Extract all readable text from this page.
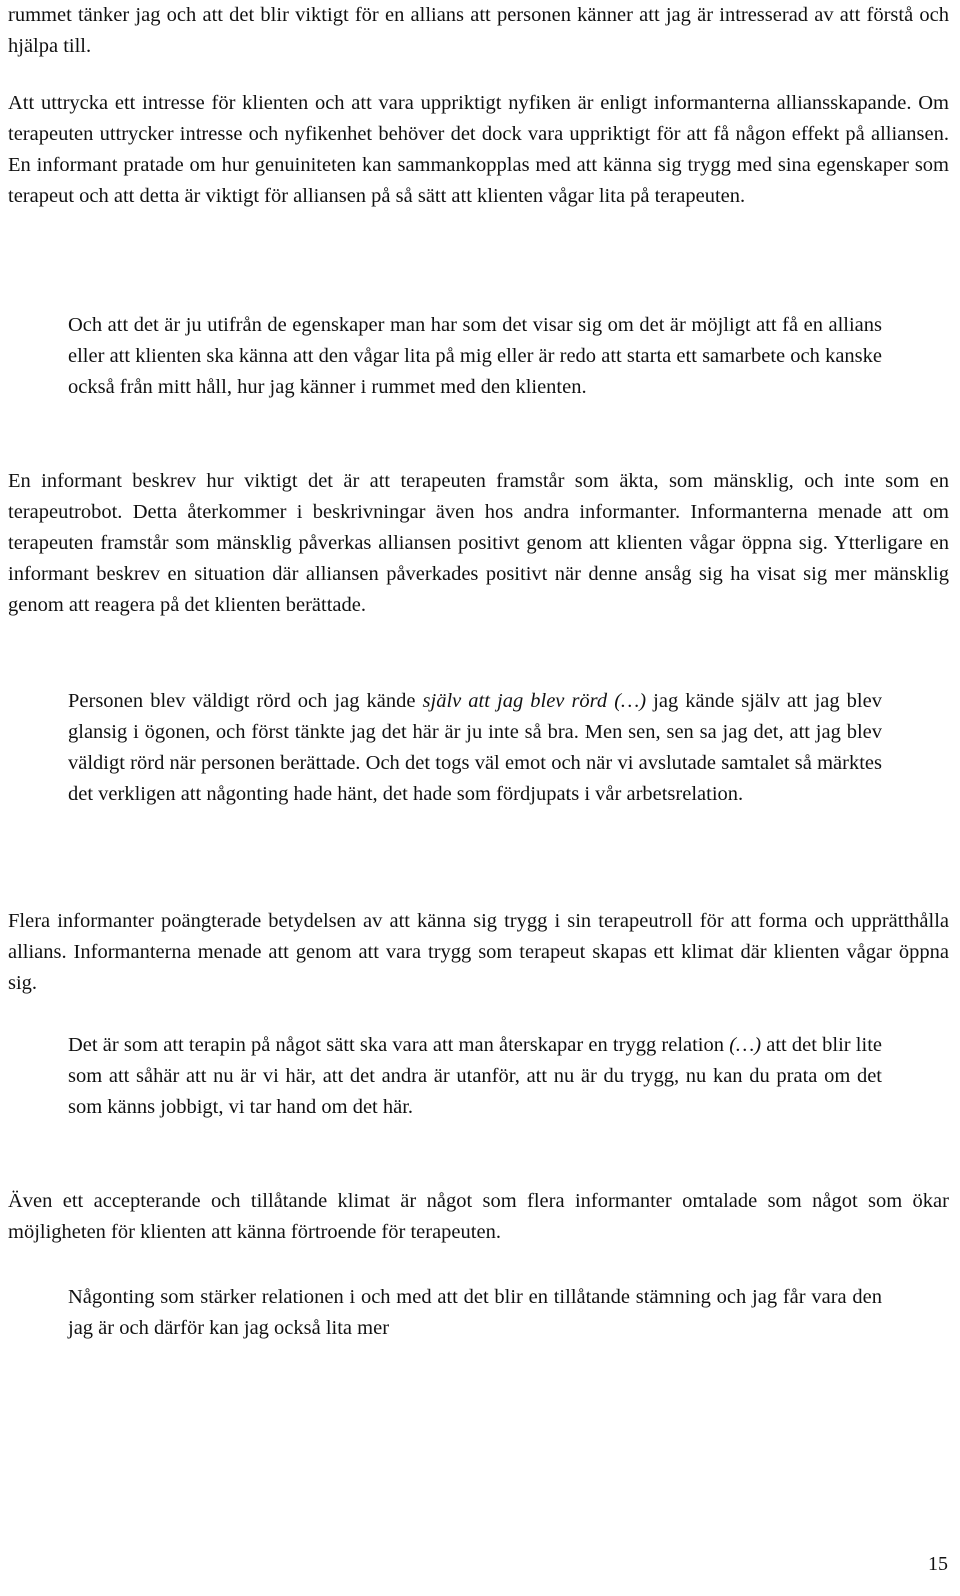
rummet tänker jag och att det blir viktigt för en allians att personen känner att jag är intresserad av att förstå och hjälpa till.

Att uttrycka ett intresse för klienten och att vara uppriktigt nyfiken är enligt informanterna alliansskapande. Om terapeuten uttrycker intresse och nyfikenhet behöver det dock vara uppriktigt för att få någon effekt på alliansen. En informant pratade om hur genuiniteten kan sammankopplas med att känna sig trygg med sina egenskaper som terapeut och att detta är viktigt för alliansen på så sätt att klienten vågar lita på terapeuten.

Och att det är ju utifrån de egenskaper man har som det visar sig om det är möjligt att få en allians eller att klienten ska känna att den vågar lita på mig eller är redo att starta ett samarbete och kanske också från mitt håll, hur jag känner i rummet med den klienten.

En informant beskrev hur viktigt det är att terapeuten framstår som äkta, som mänsklig, och inte som en terapeutrobot. Detta återkommer i beskrivningar även hos andra informanter. Informanterna menade att om terapeuten framstår som mänsklig påverkas alliansen positivt genom att klienten vågar öppna sig. Ytterligare en informant beskrev en situation där alliansen påverkades positivt när denne ansåg sig ha visat sig mer mänsklig genom att reagera på det klienten berättade.

Personen blev väldigt rörd och jag kände själv att jag blev rörd (…) jag kände själv att jag blev glansig i ögonen, och först tänkte jag det här är ju inte så bra. Men sen, sen sa jag det, att jag blev väldigt rörd när personen berättade. Och det togs väl emot och när vi avslutade samtalet så märktes det verkligen att någonting hade hänt, det hade som fördjupats i vår arbetsrelation.

Flera informanter poängterade betydelsen av att känna sig trygg i sin terapeutroll för att forma och upprätthålla allians. Informanterna menade att genom att vara trygg som terapeut skapas ett klimat där klienten vågar öppna sig.

Det är som att terapin på något sätt ska vara att man återskapar en trygg relation (…) att det blir lite som att såhär att nu är vi här, att det andra är utanför, att nu är du trygg, nu kan du prata om det som känns jobbigt, vi tar hand om det här.

Även ett accepterande och tillåtande klimat är något som flera informanter omtalade som något som ökar möjligheten för klienten att känna förtroende för terapeuten.

Någonting som stärker relationen i och med att det blir en tillåtande stämning och jag får vara den jag är och därför kan jag också lita mer

15
